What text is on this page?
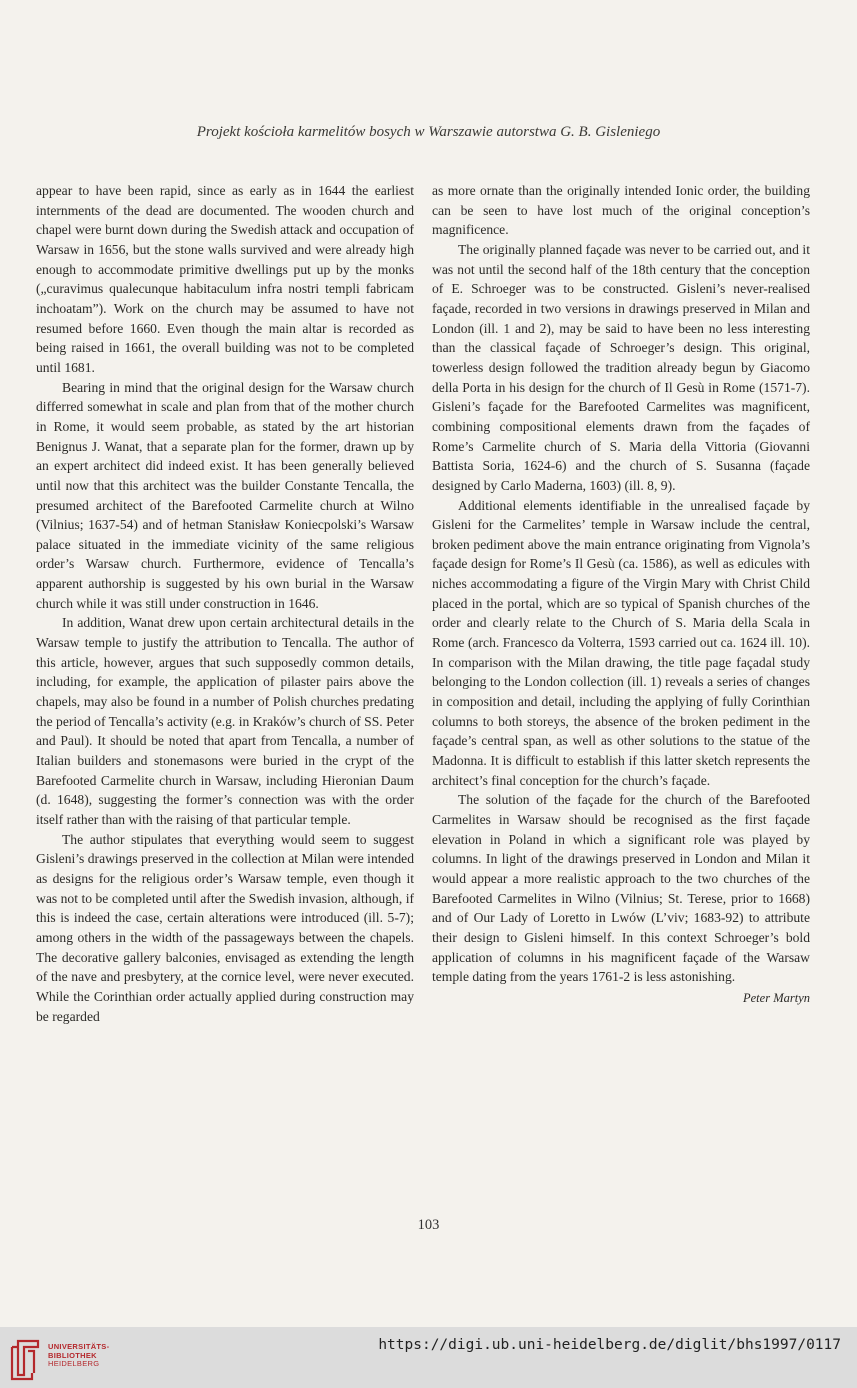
Projekt kościoła karmelitów bosych w Warszawie autorstwa G. B. Gisleniego

appear to have been rapid, since as early as in 1644 the earliest internments of the dead are documented. The wooden church and chapel were burnt down during the Swedish attack and occupation of Warsaw in 1656, but the stone walls survived and were already high enough to accommodate primitive dwellings put up by the monks („curavimus qualecunque habitaculum infra nostri templi fabricam inchoatam”). Work on the church may be assumed to have not resumed before 1660. Even though the main altar is recorded as being raised in 1661, the overall building was not to be completed until 1681.

Bearing in mind that the original design for the Warsaw church differred somewhat in scale and plan from that of the mother church in Rome, it would seem probable, as stated by the art historian Benignus J. Wanat, that a separate plan for the former, drawn up by an expert architect did indeed exist. It has been generally believed until now that this architect was the builder Constante Tencalla, the presumed architect of the Barefooted Carmelite church at Wilno (Vilnius; 1637-54) and of hetman Stanisław Koniecpolski’s Warsaw palace situated in the immediate vicinity of the same religious order’s Warsaw church. Furthermore, evidence of Tencalla’s apparent authorship is suggested by his own burial in the Warsaw church while it was still under construction in 1646.

In addition, Wanat drew upon certain architectural details in the Warsaw temple to justify the attribution to Tencalla. The author of this article, however, argues that such supposedly common details, including, for example, the application of pilaster pairs above the chapels, may also be found in a number of Polish churches predating the period of Tencalla’s activity (e.g. in Kraków’s church of SS. Peter and Paul). It should be noted that apart from Tencalla, a number of Italian builders and stonemasons were buried in the crypt of the Barefooted Carmelite church in Warsaw, including Hieronian Daum (d. 1648), suggesting the former’s connection was with the order itself rather than with the raising of that particular temple.

The author stipulates that everything would seem to suggest Gisleni’s drawings preserved in the collection at Milan were intended as designs for the religious order’s Warsaw temple, even though it was not to be completed until after the Swedish invasion, although, if this is indeed the case, certain alterations were introduced (ill. 5-7); among others in the width of the passageways between the chapels. The decorative gallery balconies, envisaged as extending the length of the nave and presbytery, at the cornice level, were never executed. While the Corinthian order actually applied during construction may be regarded

as more ornate than the originally intended Ionic order, the building can be seen to have lost much of the original conception’s magnificence.

The originally planned façade was never to be carried out, and it was not until the second half of the 18th century that the conception of E. Schroeger was to be constructed. Gisleni’s never-realised façade, recorded in two versions in drawings preserved in Milan and London (ill. 1 and 2), may be said to have been no less interesting than the classical façade of Schroeger’s design. This original, towerless design followed the tradition already begun by Giacomo della Porta in his design for the church of Il Gesù in Rome (1571-7). Gisleni’s façade for the Barefooted Carmelites was magnificent, combining compositional elements drawn from the façades of Rome’s Carmelite church of S. Maria della Vittoria (Giovanni Battista Soria, 1624-6) and the church of S. Susanna (façade designed by Carlo Maderna, 1603) (ill. 8, 9).

Additional elements identifiable in the unrealised façade by Gisleni for the Carmelites’ temple in Warsaw include the central, broken pediment above the main entrance originating from Vignola’s façade design for Rome’s Il Gesù (ca. 1586), as well as edicules with niches accommodating a figure of the Virgin Mary with Christ Child placed in the portal, which are so typical of Spanish churches of the order and clearly relate to the Church of S. Maria della Scala in Rome (arch. Francesco da Volterra, 1593 carried out ca. 1624 ill. 10). In comparison with the Milan drawing, the title page façadal study belonging to the London collection (ill. 1) reveals a series of changes in composition and detail, including the applying of fully Corinthian columns to both storeys, the absence of the broken pediment in the façade’s central span, as well as other solutions to the statue of the Madonna. It is difficult to establish if this latter sketch represents the architect’s final conception for the church’s façade.

The solution of the façade for the church of the Barefooted Carmelites in Warsaw should be recognised as the first façade elevation in Poland in which a significant role was played by columns. In light of the drawings preserved in London and Milan it would appear a more realistic approach to the two churches of the Barefooted Carmelites in Wilno (Vilnius; St. Terese, prior to 1668) and of Our Lady of Loretto in Lwów (L’viv; 1683-92) to attribute their design to Gisleni himself. In this context Schroeger’s bold application of columns in his magnificent façade of the Warsaw temple dating from the years 1761-2 is less astonishing.

Peter Martyn
103
UNIVERSITÄTS-
BIBLIOTHEK
HEIDELBERG
https://digi.ub.uni-heidelberg.de/diglit/bhs1997/0117
